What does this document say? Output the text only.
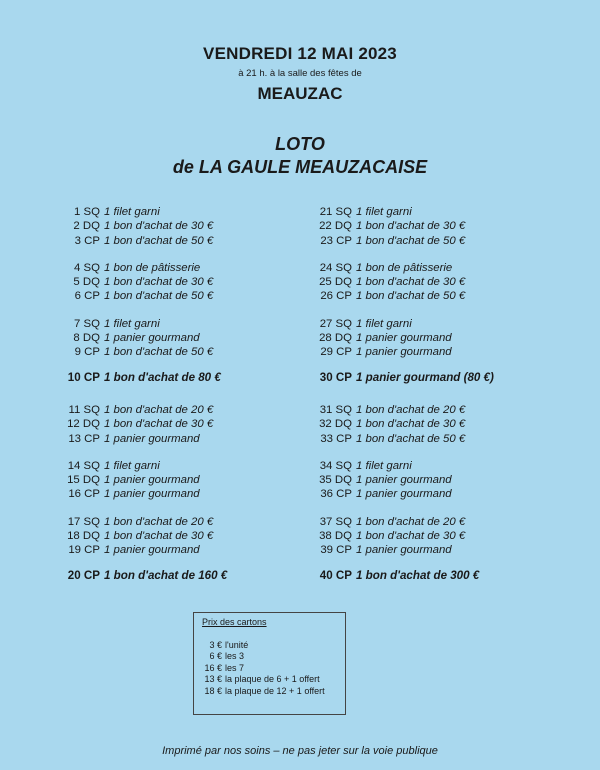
VENDREDI 12 MAI 2023
à 21 h. à la salle des fêtes de
MEAUZAC
LOTO
de LA GAULE MEAUZACAISE
1 SQ 1 filet garni
2 DQ 1 bon d'achat de 30 €
3 CP 1 bon d'achat de 50 €
4 SQ 1 bon de pâtisserie
5 DQ 1 bon d'achat de 30 €
6 CP 1 bon d'achat de 50 €
7 SQ 1 filet garni
8 DQ 1 panier gourmand
9 CP 1 bon d'achat de 50 €
10 CP 1 bon d'achat de 80 €
11 SQ 1 bon d'achat de 20 €
12 DQ 1 bon d'achat de 30 €
13 CP 1 panier gourmand
14 SQ 1 filet garni
15 DQ 1 panier gourmand
16 CP 1 panier gourmand
17 SQ 1 bon d'achat de 20 €
18 DQ 1 bon d'achat de 30 €
19 CP 1 panier gourmand
20 CP 1 bon d'achat de 160 €
21 SQ 1 filet garni
22 DQ 1 bon d'achat de 30 €
23 CP 1 bon d'achat de 50 €
24 SQ 1 bon de pâtisserie
25 DQ 1 bon d'achat de 30 €
26 CP 1 bon d'achat de 50 €
27 SQ 1 filet garni
28 DQ 1 panier gourmand
29 CP 1 panier gourmand
30 CP 1 panier gourmand (80 €)
31 SQ 1 bon d'achat de 20 €
32 DQ 1 bon d'achat de 30 €
33 CP 1 bon d'achat de 50 €
34 SQ 1 filet garni
35 DQ 1 panier gourmand
36 CP 1 panier gourmand
37 SQ 1 bon d'achat de 20 €
38 DQ 1 bon d'achat de 30 €
39 CP 1 panier gourmand
40 CP 1 bon d'achat de 300 €
Prix des cartons
3 € l'unité
6 € les 3
16 € les 7
13 € la plaque de 6 + 1 offert
18 € la plaque de 12 + 1 offert
Imprimé par nos soins – ne pas jeter sur la voie publique
